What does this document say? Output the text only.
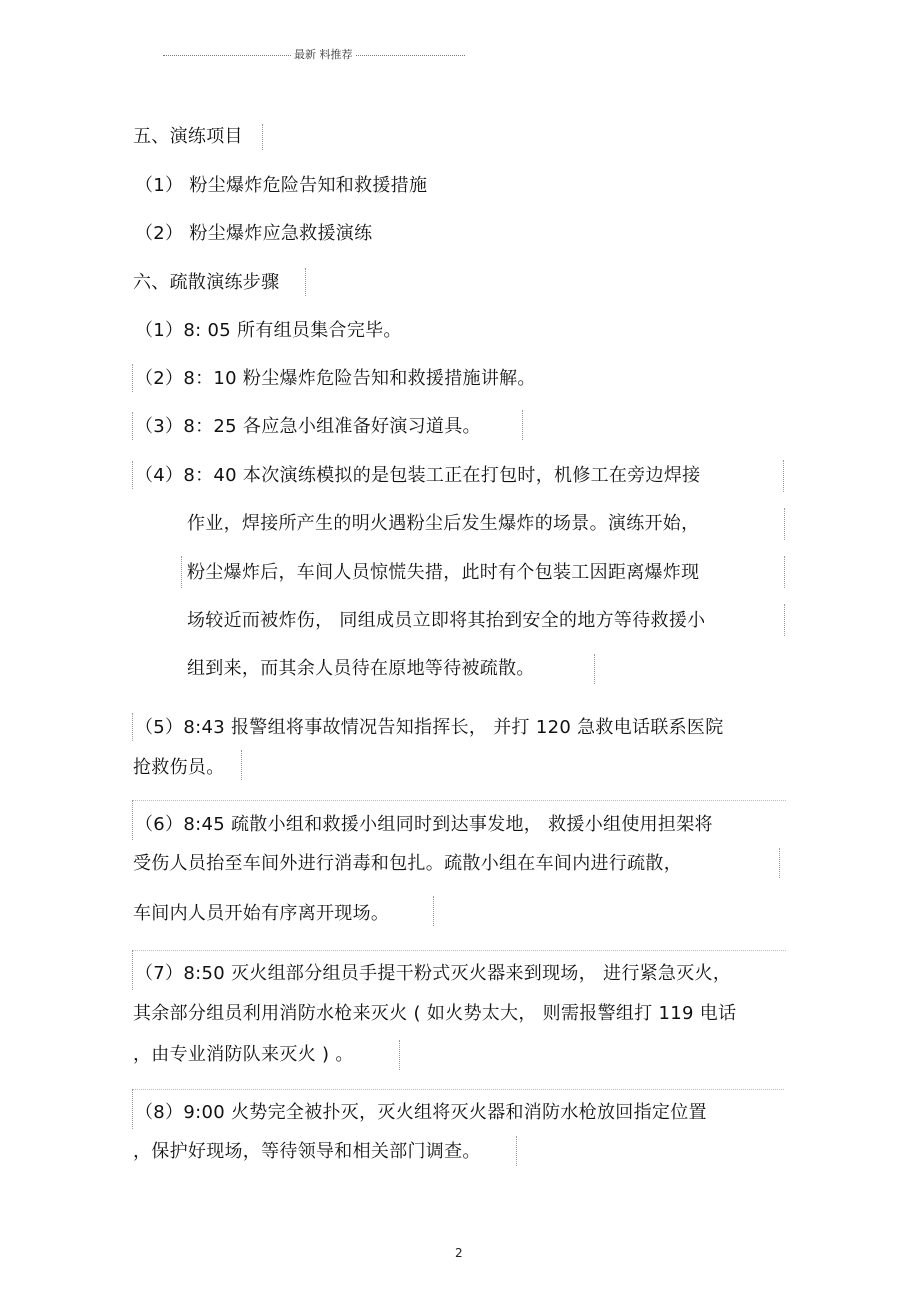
最新 料推荐
五、演练项目
（1） 粉尘爆炸危险告知和救援措施
（2） 粉尘爆炸应急救援演练
六、疏散演练步骤
（1）8: 05 所有组员集合完毕。
（2）8：10 粉尘爆炸危险告知和救援措施讲解。
（3）8：25 各应急小组准备好演习道具。
（4）8：40 本次演练模拟的是包装工正在打包时，机修工在旁边焊接
作业，焊接所产生的明火遇粉尘后发生爆炸的场景。演练开始，
粉尘爆炸后，车间人员惊慌失措，此时有个包装工因距离爆炸现
场较近而被炸伤， 同组成员立即将其抬到安全的地方等待救援小
组到来，而其余人员待在原地等待被疏散。
（5）8:43 报警组将事故情况告知指挥长， 并打 120 急救电话联系医院
抢救伤员。
（6）8:45 疏散小组和救援小组同时到达事发地， 救援小组使用担架将
受伤人员抬至车间外进行消毒和包扎。疏散小组在车间内进行疏散，
车间内人员开始有序离开现场。
（7）8:50 灭火组部分组员手提干粉式灭火器来到现场， 进行紧急灭火，
其余部分组员利用消防水枪来灭火 ( 如火势太大， 则需报警组打 119 电话
，由专业消防队来灭火 ) 。
（8）9:00 火势完全被扑灭，灭火组将灭火器和消防水枪放回指定位置
，保护好现场，等待领导和相关部门调查。
2
